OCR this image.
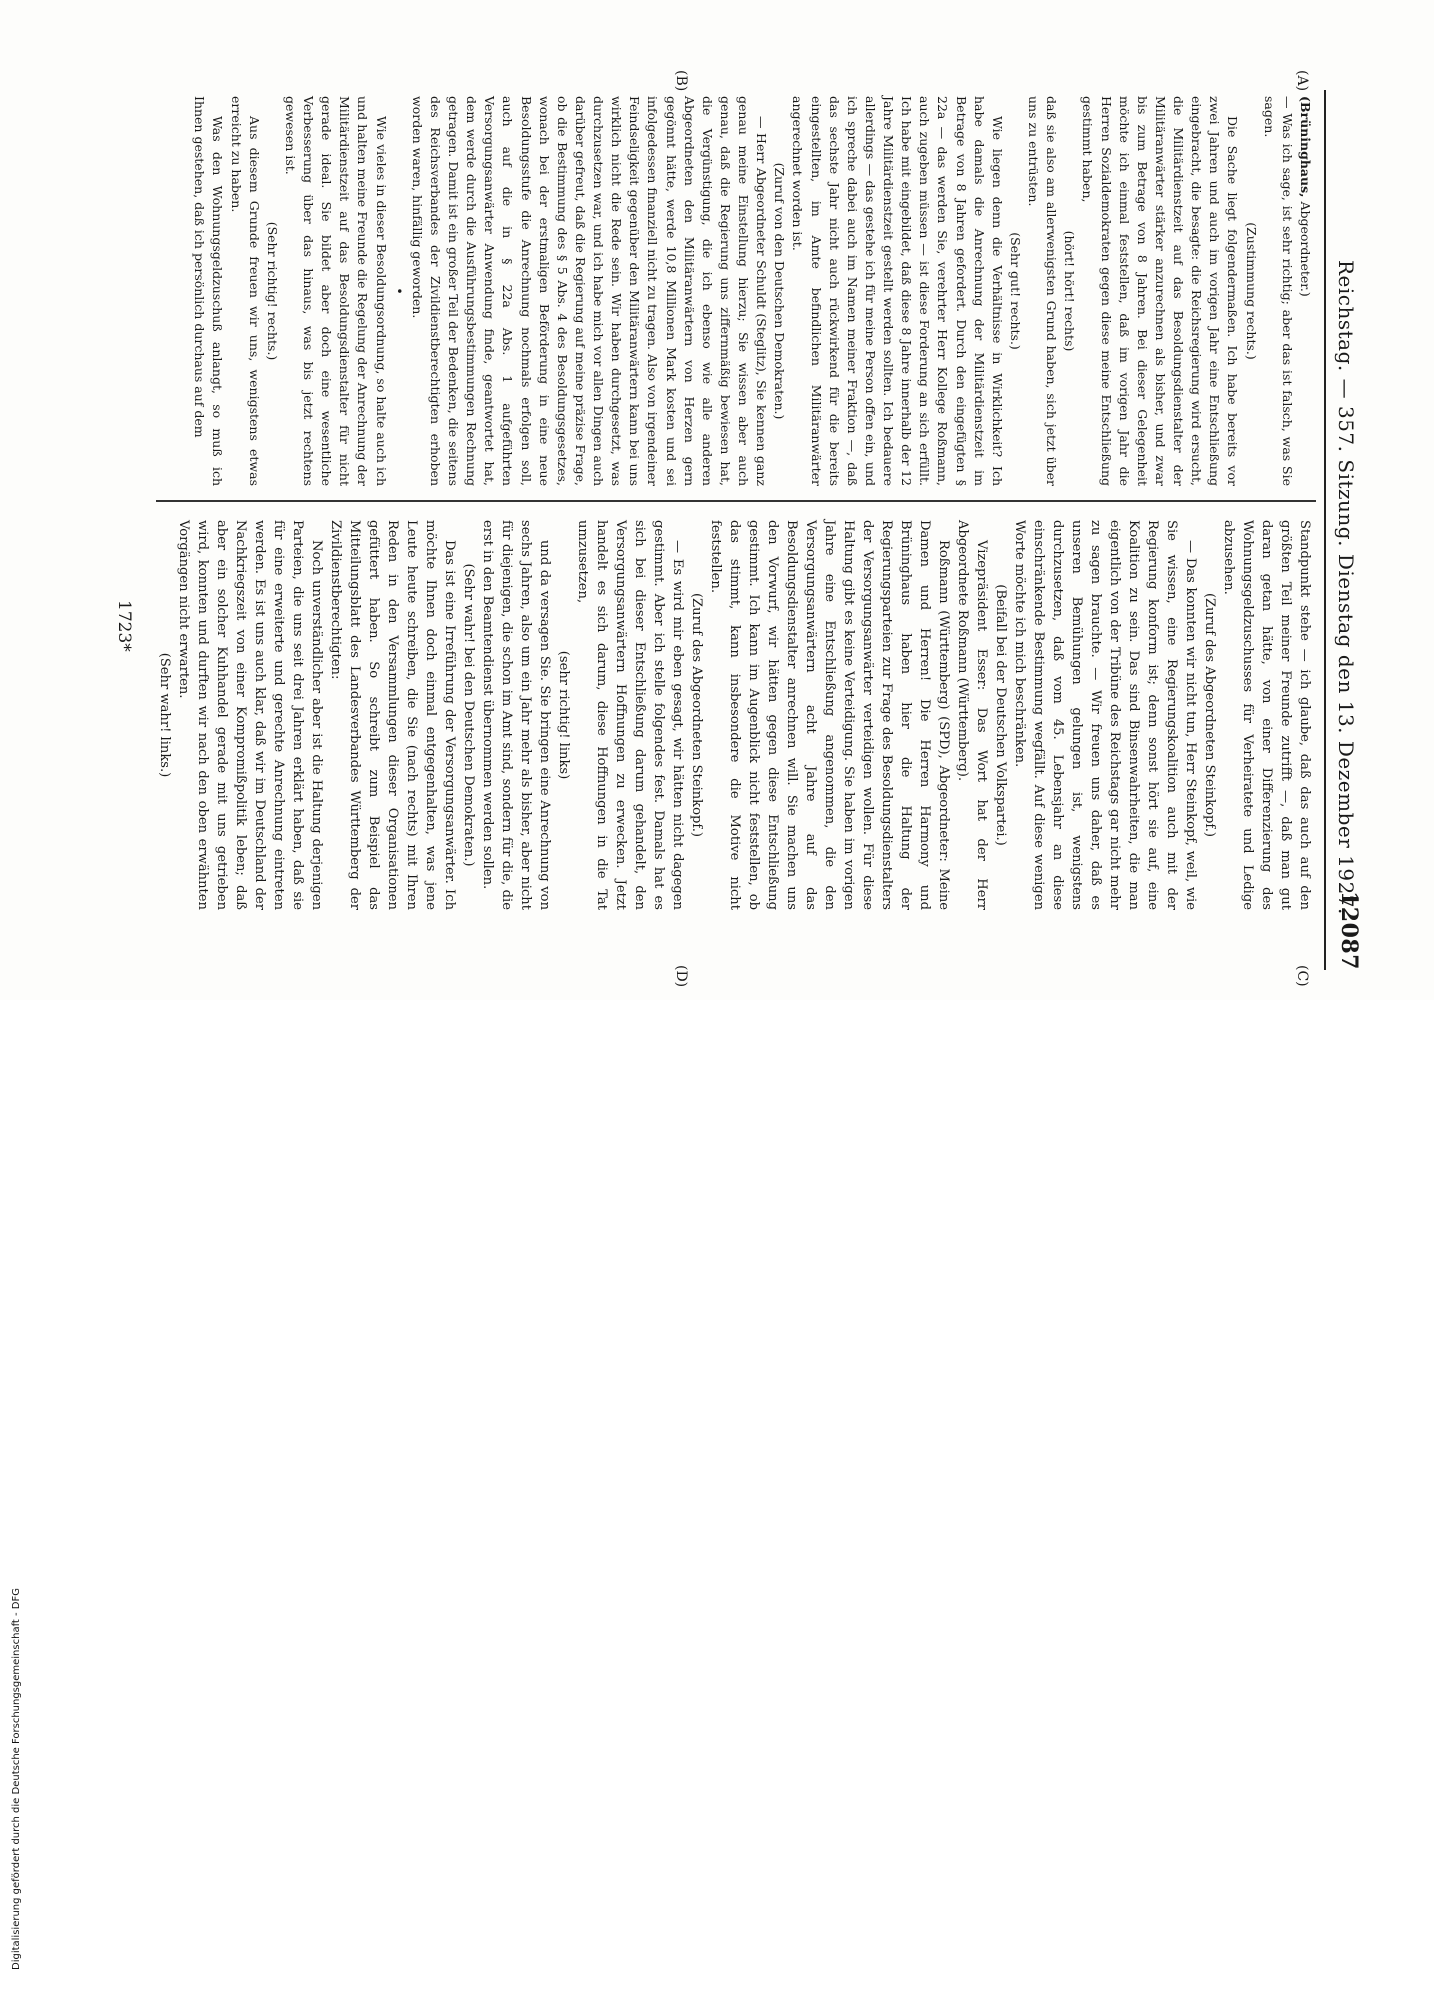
Reichstag. — 357. Sitzung. Dienstag den 13. Dezember 1927.
12087
(A)
(B)
(C)
(D)

(Brüninghaus, Abgeordneter.)

— Was ich sage, ist sehr richtig; aber das ist falsch, was Sie sagen.

(Zustimmung rechts.)

Die Sache liegt folgendermaßen. Ich habe bereits vor zwei Jahren und auch im vorigen Jahr eine Entschließung eingebracht, die besagte: die Reichsregierung wird ersucht, die Militärdienstzeit auf das Besoldungsdienstalter der Militäranwärter stärker anzurechnen als bisher, und zwar bis zum Betrage von 8 Jahren. Bei dieser Gelegenheit möchte ich einmal feststellen, daß im vorigen Jahr die Herren Sozialdemokraten gegen diese meine Entschließung gestimmt haben,

(hört! hört! rechts)

daß sie also am allerwenigsten Grund haben, sich jetzt über uns zu entrüsten.

(Sehr gut! rechts.)

Wie liegen denn die Verhältnisse in Wirklichkeit? Ich habe damals die Anrechnung der Militärdienstzeit im Betrage von 8 Jahren gefordert. Durch den eingefügten § 22a — das werden Sie, verehrter Herr Kollege Roßmann, auch zugeben müssen — ist diese Forderung an sich erfüllt. Ich habe mit eingebildet, daß diese 8 Jahre innerhalb der 12 Jahre Militärdienstzeit gestellt werden sollten. Ich bedauere allerdings — das gestehe ich für meine Person offen ein, und ich spreche dabei auch im Namen meiner Fraktion —, daß das sechste Jahr nicht auch rückwirkend für die bereits eingestellten, im Amte befindlichen Militäranwärter angerechnet worden ist.

(Zuruf von den Deutschen Demokraten.)

— Herr Abgeordneter Schuldt (Steglitz), Sie kennen ganz genau meine Einstellung hierzu; Sie wissen aber auch genau, daß die Regierung uns ziffernmäßig bewiesen hat, die Vergünstigung, die ich ebenso wie alle anderen Abgeordneten den Militäranwärtern von Herzen gern gegönnt hätte, werde 10,8 Millionen Mark kosten und sei infolgedessen finanziell nicht zu tragen. Also von irgendeiner Feindseligkeit gegenüber den Militäranwärtern kann bei uns wirklich nicht die Rede sein. Wir haben durchgesetzt, was durchzusetzen war, und ich habe mich vor allen Dingen auch darüber gefreut, daß die Regierung auf meine präzise Frage, ob die Bestimmung des § 5 Abs. 4 des Besoldungsgesetzes, wonach bei der erstmaligen Beförderung in eine neue Besoldungsstufe die Anrechnung nochmals erfolgen soll, auch auf die in § 22a Abs. 1 aufgeführten Versorgungsanwärter Anwendung finde, geantwortet hat, dem werde durch die Ausführungsbestimmungen Rechnung getragen. Damit ist ein großer Teil der Bedenken, die seitens des Reichsverbandes der Zivildienstberechtigten erhoben worden waren, hinfällig geworden.

•

Wie vieles in dieser Besoldungsordnung, so halte auch ich und halten meine Freunde die Regelung der Anrechnung der Militärdienstzeit auf das Besoldungsdienstalter für nicht gerade ideal. Sie bildet aber doch eine wesentliche Verbesserung über das hinaus, was bis jetzt rechtens gewesen ist.

(Sehr richtig! rechts.)

Aus diesem Grunde freuen wir uns, wenigstens etwas erreicht zu haben.

Was den Wohnungsgeldzuschuß anlangt, so muß ich Ihnen gestehen, daß ich persönlich durchaus auf dem

Standpunkt stehe — ich glaube, daß das auch auf den größten Teil meiner Freunde zutrifft —, daß man gut daran getan hätte, von einer Differenzierung des Wohnungsgeldzuschusses für Verheiratete und Ledige abzusehen.

(Zuruf des Abgeordneten Steinkopf.)

— Das konnten wir nicht tun, Herr Steinkopf, weil, wie Sie wissen, eine Regierungskoalition auch mit der Regierung konform ist; denn sonst hört sie auf, eine Koalition zu sein. Das sind Binsenwahrheiten, die man eigentlich von der Tribüne des Reichstags gar nicht mehr zu sagen brauchte. — Wir freuen uns daher, daß es unseren Bemühungen gelungen ist, wenigstens durchzusetzen, daß vom 45. Lebensjahr an diese einschränkende Bestimmung wegfällt. Auf diese wenigen Worte möchte ich mich beschränken.

(Beifall bei der Deutschen Volkspartei.)

Vizepräsident Esser: Das Wort hat der Herr Abgeordnete Roßmann (Württemberg).

Roßmann (Württemberg) (SPD), Abgeordneter: Meine Damen und Herren! Die Herren Harmony und Brüninghaus haben hier die Haltung der Regierungsparteien zur Frage des Besoldungsdienstalters der Versorgungsanwärter verteidigen wollen. Für diese Haltung gibt es keine Verteidigung. Sie haben im vorigen Jahre eine Entschließung angenommen, die den Versorgungsanwärtern acht Jahre auf das Besoldungsdienstalter anrechnen will. Sie machen uns den Vorwurf, wir hätten gegen diese Entschließung gestimmt. Ich kann im Augenblick nicht feststellen, ob das stimmt, kann insbesondere die Motive nicht feststellen.

(Zuruf des Abgeordneten Steinkopf.)

— Es wird mir eben gesagt, wir hätten nicht dagegen gestimmt. Aber ich stelle folgendes fest. Damals hat es sich bei dieser Entschließung darum gehandelt, den Versorgungsanwärtern Hoffnungen zu erwecken. Jetzt handelt es sich darum, diese Hoffnungen in die Tat umzusetzen,

(sehr richtig! links)

und da versagen Sie. Sie bringen eine Anrechnung von sechs Jahren, also um ein Jahr mehr als bisher, aber nicht für diejenigen, die schon im Amt sind, sondern für die, die erst in den Beamtendienst übernommen werden sollen.

(Sehr wahr! bei den Deutschen Demokraten.)

Das ist eine Irreführung der Versorgungsanwärter. Ich möchte Ihnen doch einmal entgegenhalten, was jene Leute heute schreiben, die Sie (nach rechts) mit Ihren Reden in den Versammlungen dieser Organisationen gefüttert haben. So schreibt zum Beispiel das Mitteilungsblatt des Landesverbandes Württemberg der Zivildienstberechtigten:

Noch unverständlicher aber ist die Haltung derjenigen Parteien, die uns seit drei Jahren erklärt haben, daß sie für eine erweiterte und gerechte Anrechnung eintreten werden. Es ist uns auch klar, daß wir im Deutschland der Nachkriegszeit von einer Kompromißpolitik leben; daß aber ein solcher Kuhhandel gerade mit uns getrieben wird, konnten und durften wir nach den oben erwähnten Vorgängen nicht erwarten.

(Sehr wahr! links.)

1723*
Digitalisierung gefördert durch die Deutsche Forschungsgemeinschaft - DFG
